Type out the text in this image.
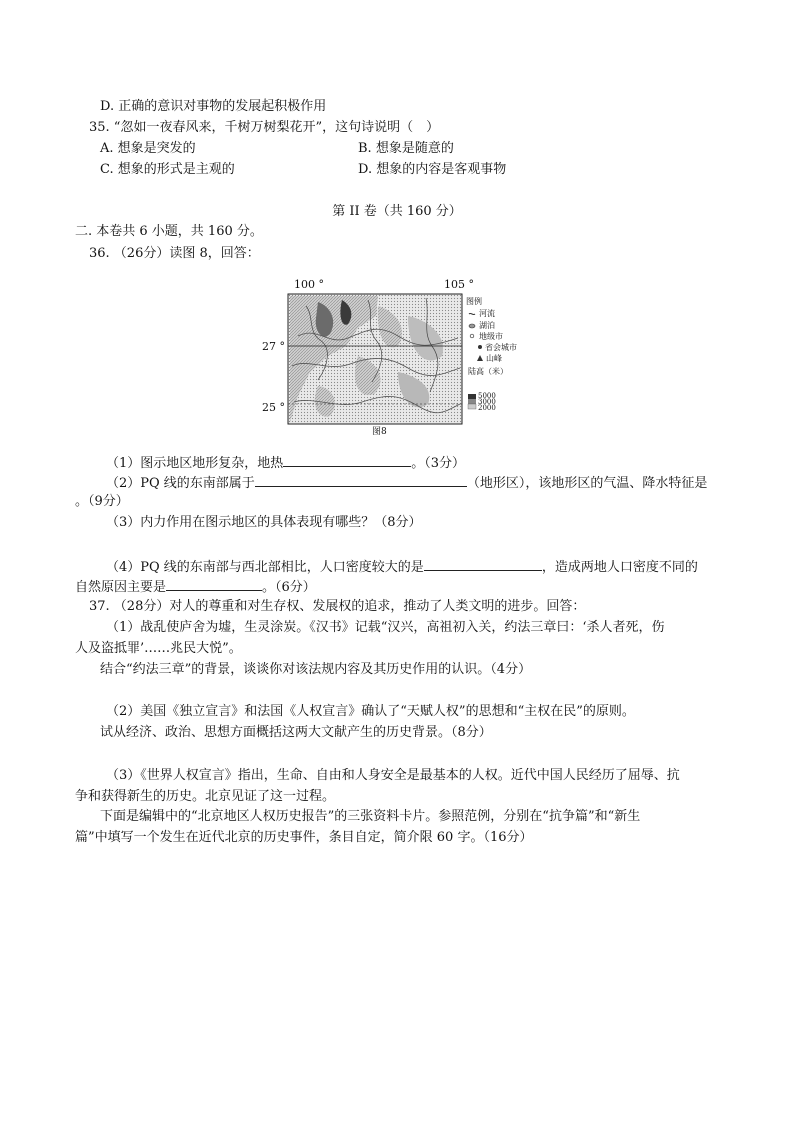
D. 正确的意识对事物的发展起积极作用
35. “忽如一夜春风来，千树万树梨花开”，这句诗说明（　）
A. 想象是突发的	B. 想象是随意的
C. 想象的形式是主观的	D. 想象的内容是客观事物
第 II 卷（共 160 分）
二. 本卷共 6 小题，共 160 分。
36. （26分）读图 8，回答：
100 °	105 °
27 °
25 °
图例
河流
湖泊
地级市
省会城市
山峰
陆高（米）
5000
3000
2000
图8
（1）图示地区地形复杂，地热	。（3分）
（2）PQ 线的东南部属于	（地形区），该地形区的气温、降水特征是
。（9分）
（3）内力作用在图示地区的具体表现有哪些？（8分）
（4）PQ 线的东南部与西北部相比，人口密度较大的是	，造成两地人口密度不同的
自然原因主要是	。（6分）
37. （28分）对人的尊重和对生存权、发展权的追求，推动了人类文明的进步。回答：
（1）战乱使庐舍为墟，生灵涂炭。《汉书》记载“汉兴，高祖初入关，约法三章曰：‘杀人者死，伤
人及盗抵罪’……兆民大悦”。
结合“约法三章”的背景，谈谈你对该法规内容及其历史作用的认识。（4分）
（2）美国《独立宣言》和法国《人权宣言》确认了“天赋人权”的思想和“主权在民”的原则。
试从经济、政治、思想方面概括这两大文献产生的历史背景。（8分）
（3）《世界人权宣言》指出，生命、自由和人身安全是最基本的人权。近代中国人民经历了屈辱、抗
争和获得新生的历史。北京见证了这一过程。
下面是编辑中的“北京地区人权历史报告”的三张资料卡片。参照范例，分别在“抗争篇”和“新生
篇”中填写一个发生在近代北京的历史事件，条目自定，简介限 60 字。（16分）
